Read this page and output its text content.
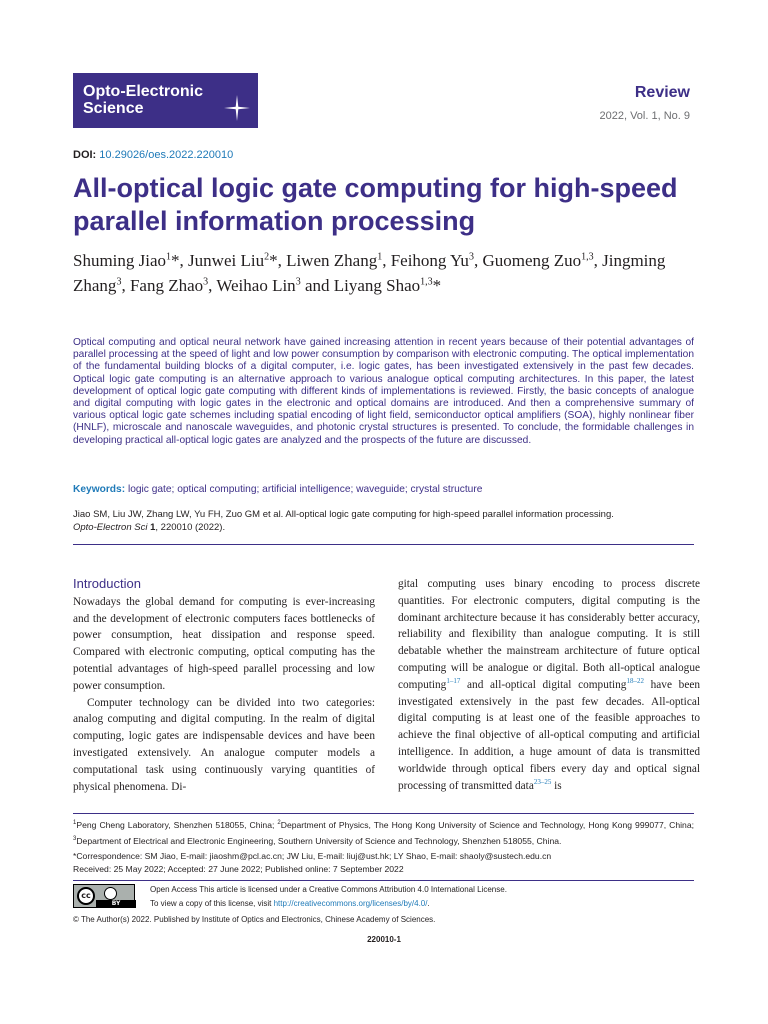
Opto-Electronic
Science
Review
2022, Vol. 1, No. 9
DOI: 10.29026/oes.2022.220010
All-optical logic gate computing for high-speed
parallel information processing
Shuming Jiao$^1$*, Junwei Liu$^2$*, Liwen Zhang$^1$, Feihong Yu$^3$, Guomeng Zuo$^{1,3}$, Jingming Zhang$^3$, Fang Zhao$^3$, Weihao Lin$^3$ and Liyang Shao$^{1,3}$*
Optical computing and optical neural network have gained increasing attention in recent years because of their potential advantages of parallel processing at the speed of light and low power consumption by comparison with electronic computing. The optical implementation of the fundamental building blocks of a digital computer, i.e. logic gates, has been investigated extensively in the past few decades. Optical logic gate computing is an alternative approach to various analogue optical computing architectures. In this paper, the latest development of optical logic gate computing with different kinds of implementations is reviewed. Firstly, the basic concepts of analogue and digital computing with logic gates in the electronic and optical domains are introduced. And then a comprehensive summary of various optical logic gate schemes including spatial encoding of light field, semiconductor optical amplifiers (SOA), highly nonlinear fiber (HNLF), microscale and nanoscale waveguides, and photonic crystal structures is presented. To conclude, the formidable challenges in developing practical all-optical logic gates are analyzed and the prospects of the future are discussed.
Keywords: logic gate; optical computing; artificial intelligence; waveguide; crystal structure
Jiao SM, Liu JW, Zhang LW, Yu FH, Zuo GM et al. All-optical logic gate computing for high-speed parallel information processing.
Opto-Electron Sci 1, 220010 (2022).
Introduction

Nowadays the global demand for computing is ever-increasing and the development of electronic computers faces bottlenecks of power consumption, heat dissipation and response speed. Compared with electronic computing, optical computing has the potential advantages of high-speed parallel processing and low power consumption.

Computer technology can be divided into two categories: analog computing and digital computing. In the realm of digital computing, logic gates are indispensable devices and have been investigated extensively. An analogue computer models a computational task using continuously varying quantities of physical phenomena. Di-

gital computing uses binary encoding to process discrete quantities. For electronic computers, digital computing is the dominant architecture because it has considerably better accuracy, reliability and flexibility than analogue computing. It is still debatable whether the mainstream architecture of future optical computing will be analogue or digital. Both all-optical analogue computing$^{1-17}$ and all-optical digital computing$^{18-22}$ have been investigated extensively in the past few decades. All-optical digital computing is at least one of the feasible approaches to achieve the final objective of all-optical computing and artificial intelligence. In addition, a huge amount of data is transmitted worldwide through optical fibers every day and optical signal processing of transmitted data$^{23-25}$ is

$^1$Peng Cheng Laboratory, Shenzhen 518055, China; $^2$Department of Physics, The Hong Kong University of Science and Technology, Hong Kong 999077, China; $^3$Department of Electrical and Electronic Engineering, Southern University of Science and Technology, Shenzhen 518055, China.
*Correspondence: SM Jiao, E-mail: jiaoshm@pcl.ac.cn; JW Liu, E-mail: liuj@ust.hk; LY Shao, E-mail: shaoly@sustech.edu.cn
Received: 25 May 2022; Accepted: 27 June 2022; Published online: 7 September 2022
cc
BY
Open Access This article is licensed under a Creative Commons Attribution 4.0 International License.
To view a copy of this license, visit http://creativecommons.org/licenses/by/4.0/.
© The Author(s) 2022. Published by Institute of Optics and Electronics, Chinese Academy of Sciences.
220010-1
